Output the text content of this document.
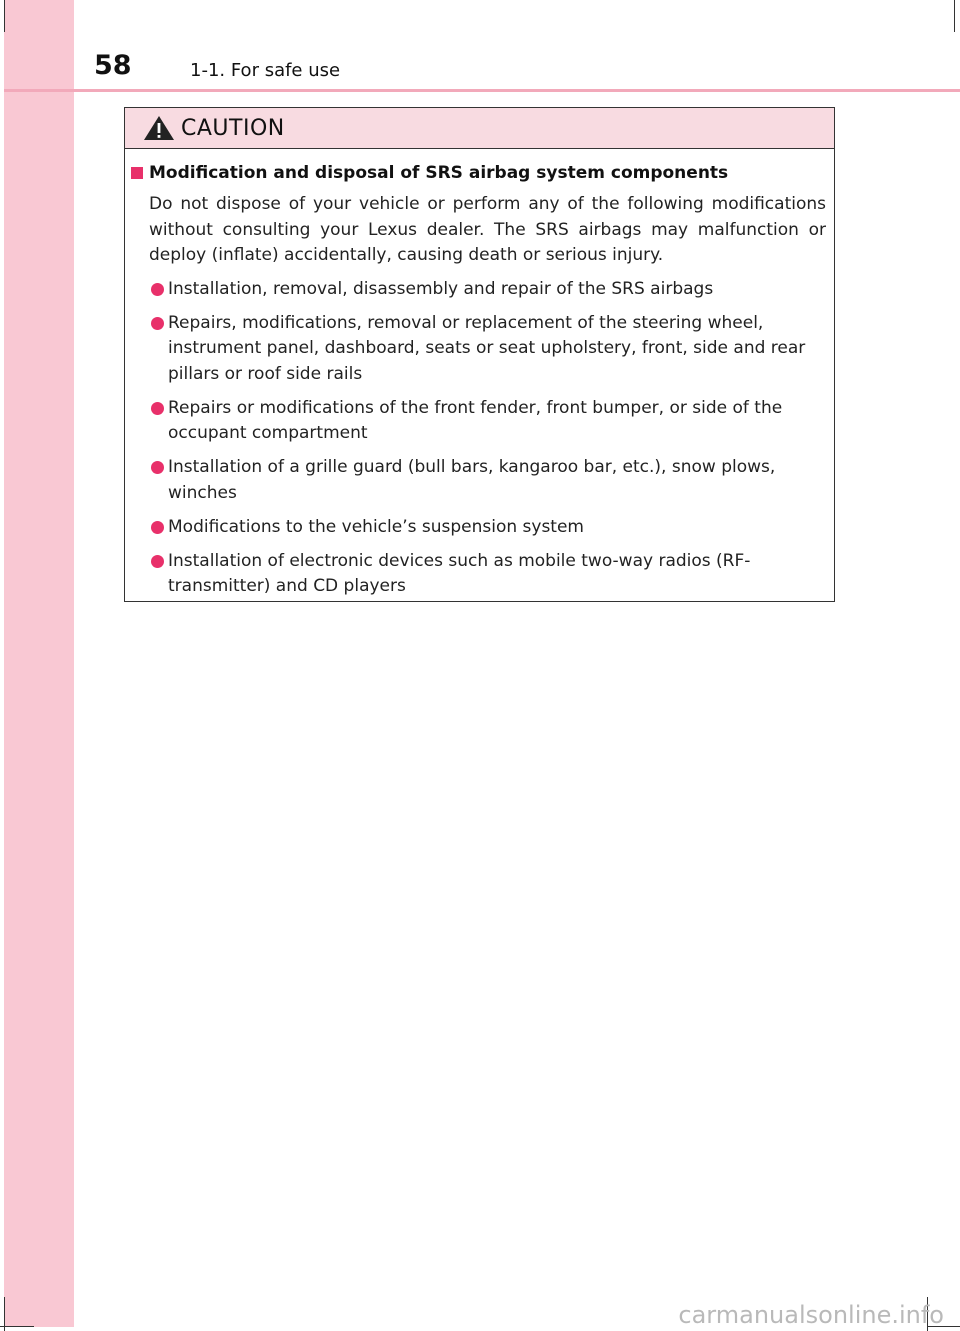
58	1-1. For safe use
CAUTION
Modification and disposal of SRS airbag system components
Do not dispose of your vehicle or perform any of the following modifications without consulting your Lexus dealer. The SRS airbags may malfunction or deploy (inflate) accidentally, causing death or serious injury.
Installation, removal, disassembly and repair of the SRS airbags
Repairs, modifications, removal or replacement of the steering wheel, instrument panel, dashboard, seats or seat upholstery, front, side and rear pillars or roof side rails
Repairs or modifications of the front fender, front bumper, or side of the occupant compartment
Installation of a grille guard (bull bars, kangaroo bar, etc.), snow plows, winches
Modifications to the vehicle’s suspension system
Installation of electronic devices such as mobile two-way radios (RF-transmitter) and CD players
carmanualsonline.info
